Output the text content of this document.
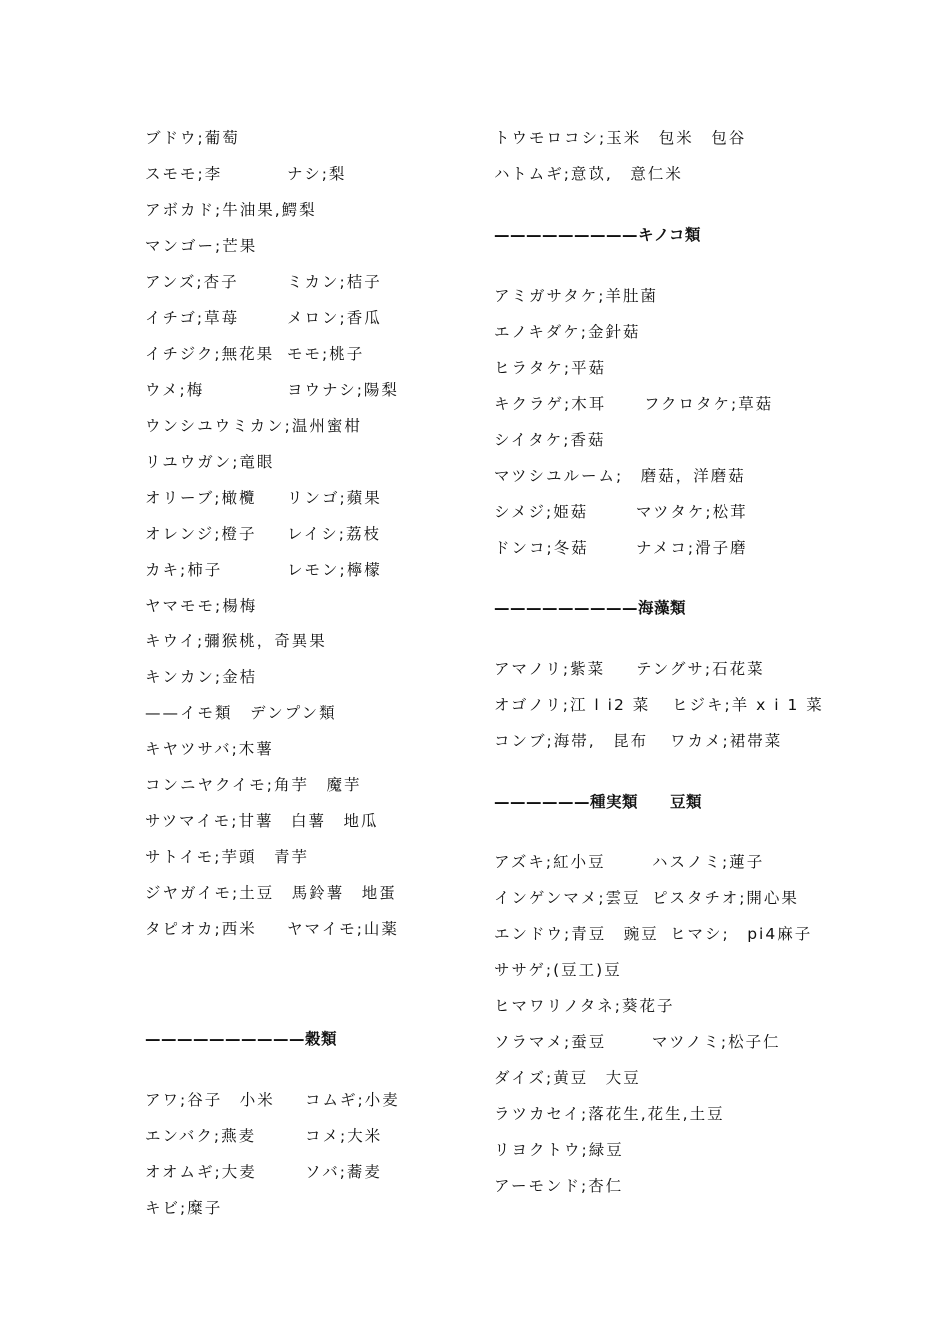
ブドウ;葡萄
スモモ;李	ナシ;梨
アボカド;牛油果,鰐梨
マンゴー;芒果
アンズ;杏子	ミカン;桔子
イチゴ;草苺	メロン;香瓜
イチジク;無花果 モモ;桃子
ウメ;梅	ヨウナシ;陽梨
ウンシユウミカン;温州蜜柑
リユウガン;竜眼
オリーブ;橄欖 リンゴ;蘋果
オレンジ;橙子 レイシ;荔枝
カキ;柿子	レモン;檸檬
ヤマモモ;楊梅
キウイ;彌猴桃，奇異果
キンカン;金桔
——イモ類　デンプン類
キヤツサバ;木薯
コンニヤクイモ;角芋　魔芋
サツマイモ;甘薯　白薯　地瓜
サトイモ;芋頭　青芋
ジヤガイモ;土豆　馬鈴薯　地蛋
タピオカ;西米 ヤマイモ;山薬
——————————穀類
アワ;谷子　小米 コムギ;小麦
エンバク;燕麦	コメ;大米
オオムギ;大麦	ソバ;蕎麦
キビ;糜子
トウモロコシ;玉米　包米　包谷
ハトムギ;意苡,　意仁米
—————————キノコ類
アミガサタケ;羊肚菌
エノキダケ;金針菇
ヒラタケ;平菇
キクラゲ;木耳 フクロタケ;草菇
シイタケ;香菇
マツシユルーム;　磨菇，洋磨菇
シメジ;姫菇	マツタケ;松茸
ドンコ;冬菇	ナメコ;滑子磨
—————————海藻類
アマノリ;紫菜 テングサ;石花菜
オゴノリ;江 l i2 菜 ヒジキ;羊 x i 1 菜
コンブ;海帯,　昆布 ワカメ;裙帯菜
——————種実類　　豆類
アズキ;紅小豆	ハスノミ;蓮子
インゲンマメ;雲豆 ピスタチオ;開心果
エンドウ;青豆　豌豆 ヒマシ;　pi4麻子
ササゲ;(豆工)豆
ヒマワリノタネ;葵花子
ソラマメ;蚕豆	マツノミ;松子仁
ダイズ;黄豆　大豆
ラツカセイ;落花生,花生,土豆
リヨクトウ;緑豆
アーモンド;杏仁
